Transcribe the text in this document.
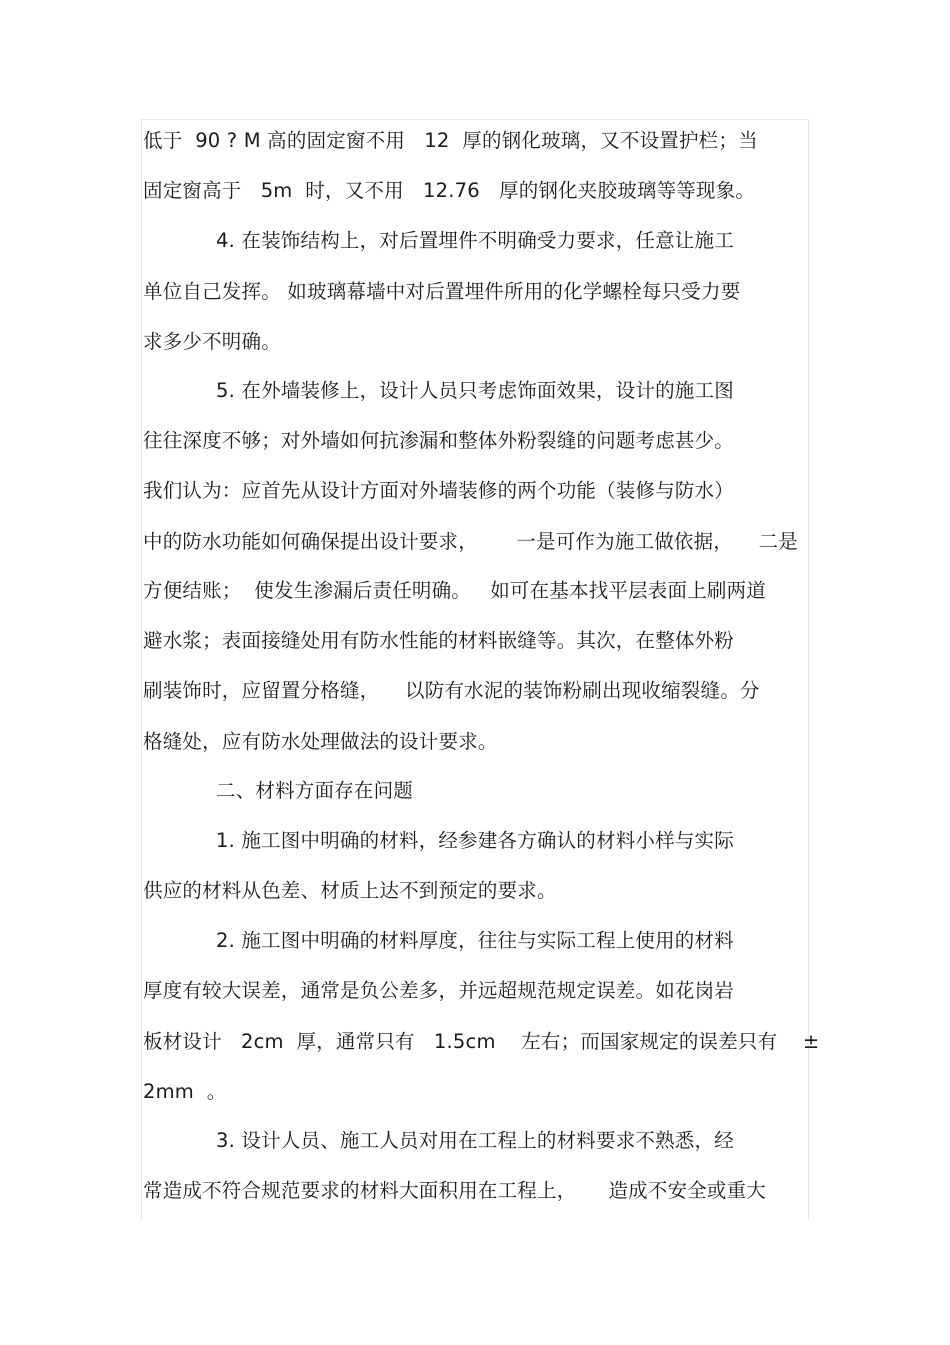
低于  90 ? M 高的固定窗不用   12  厚的钢化玻璃，又不设置护栏；当
固定窗高于   5m  时，又不用   12.76   厚的钢化夹胶玻璃等等现象。
4. 在装饰结构上，对后置埋件不明确受力要求，任意让施工
单位自己发挥。 如玻璃幕墙中对后置埋件所用的化学螺栓每只受力要
求多少不明确。
5. 在外墙装修上，设计人员只考虑饰面效果，设计的施工图
往往深度不够；对外墙如何抗渗漏和整体外粉裂缝的问题考虑甚少。
我们认为：应首先从设计方面对外墙装修的两个功能（装修与防水）
中的防水功能如何确保提出设计要求，      一是可作为施工做依据，    二是
方便结账；  使发生渗漏后责任明确。   如可在基本找平层表面上刷两道
避水浆；表面接缝处用有防水性能的材料嵌缝等。其次，在整体外粉
刷装饰时，应留置分格缝，    以防有水泥的装饰粉刷出现收缩裂缝。分
格缝处，应有防水处理做法的设计要求。
二、材料方面存在问题
1. 施工图中明确的材料，经参建各方确认的材料小样与实际
供应的材料从色差、材质上达不到预定的要求。
2. 施工图中明确的材料厚度，往往与实际工程上使用的材料
厚度有较大误差，通常是负公差多，并远超规范规定误差。如花岗岩
板材设计   2cm  厚，通常只有   1.5cm    左右；而国家规定的误差只有    ±
2mm  。
3. 设计人员、施工人员对用在工程上的材料要求不熟悉，经
常造成不符合规范要求的材料大面积用在工程上，     造成不安全或重大
